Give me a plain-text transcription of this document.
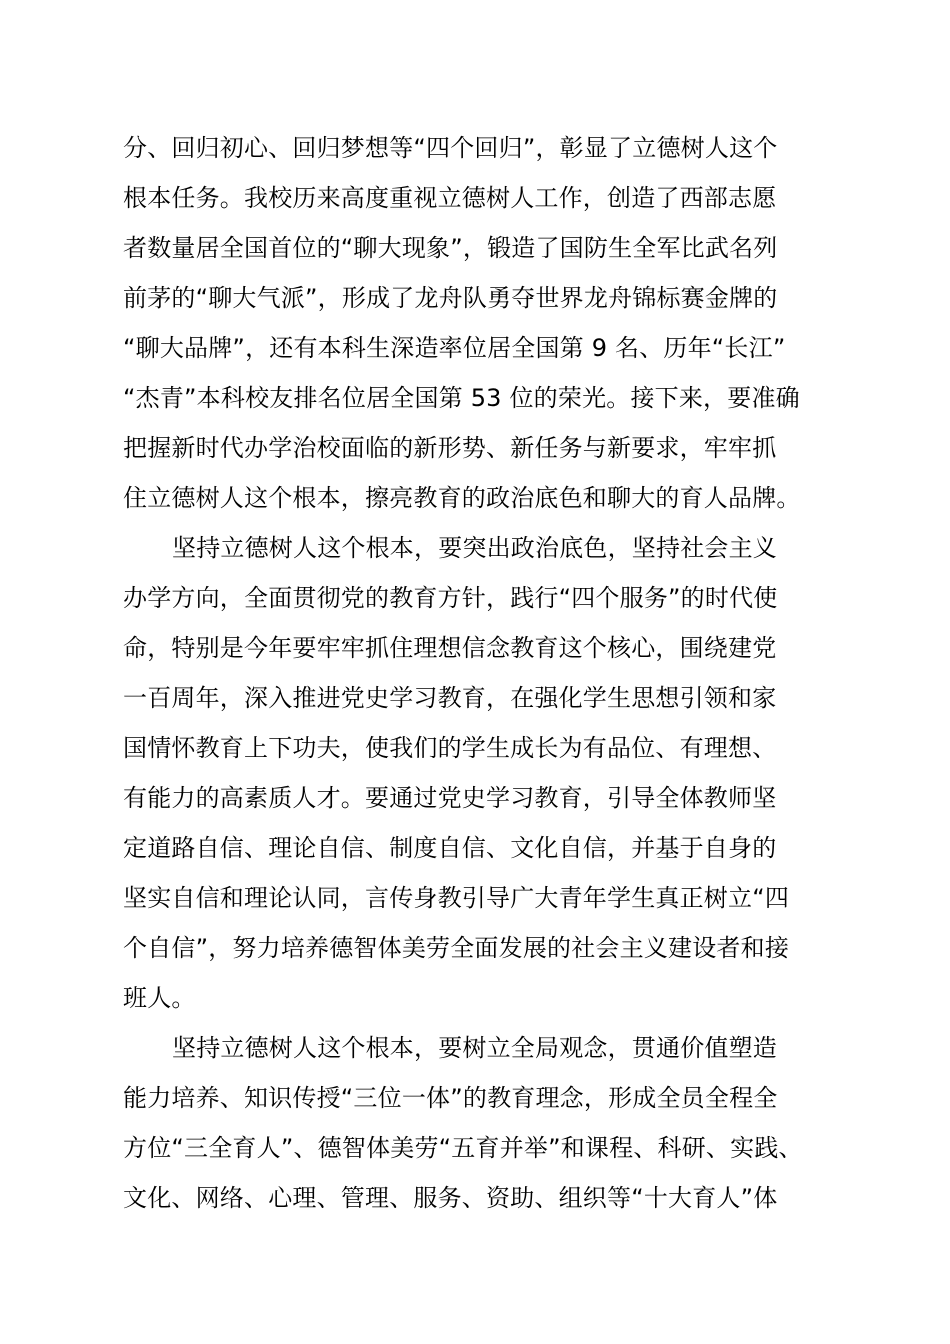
分、回归初心、回归梦想等“四个回归”，彰显了立德树人这个
根本任务。我校历来高度重视立德树人工作，创造了西部志愿
者数量居全国首位的“聊大现象”，锻造了国防生全军比武名列
前茅的“聊大气派”，形成了龙舟队勇夺世界龙舟锦标赛金牌的
“聊大品牌”，还有本科生深造率位居全国第 9 名、历年“长江”
“杰青”本科校友排名位居全国第 53 位的荣光。接下来，要准确
把握新时代办学治校面临的新形势、新任务与新要求，牢牢抓
住立德树人这个根本，擦亮教育的政治底色和聊大的育人品牌。
坚持立德树人这个根本，要突出政治底色，坚持社会主义
办学方向，全面贯彻党的教育方针，践行“四个服务”的时代使
命，特别是今年要牢牢抓住理想信念教育这个核心，围绕建党
一百周年，深入推进党史学习教育，在强化学生思想引领和家
国情怀教育上下功夫，使我们的学生成长为有品位、有理想、
有能力的高素质人才。要通过党史学习教育，引导全体教师坚
定道路自信、理论自信、制度自信、文化自信，并基于自身的
坚实自信和理论认同，言传身教引导广大青年学生真正树立“四
个自信”，努力培养德智体美劳全面发展的社会主义建设者和接
班人。
坚持立德树人这个根本，要树立全局观念，贯通价值塑造
能力培养、知识传授“三位一体”的教育理念，形成全员全程全
方位“三全育人”、德智体美劳“五育并举”和课程、科研、实践、
文化、网络、心理、管理、服务、资助、组织等“十大育人”体
